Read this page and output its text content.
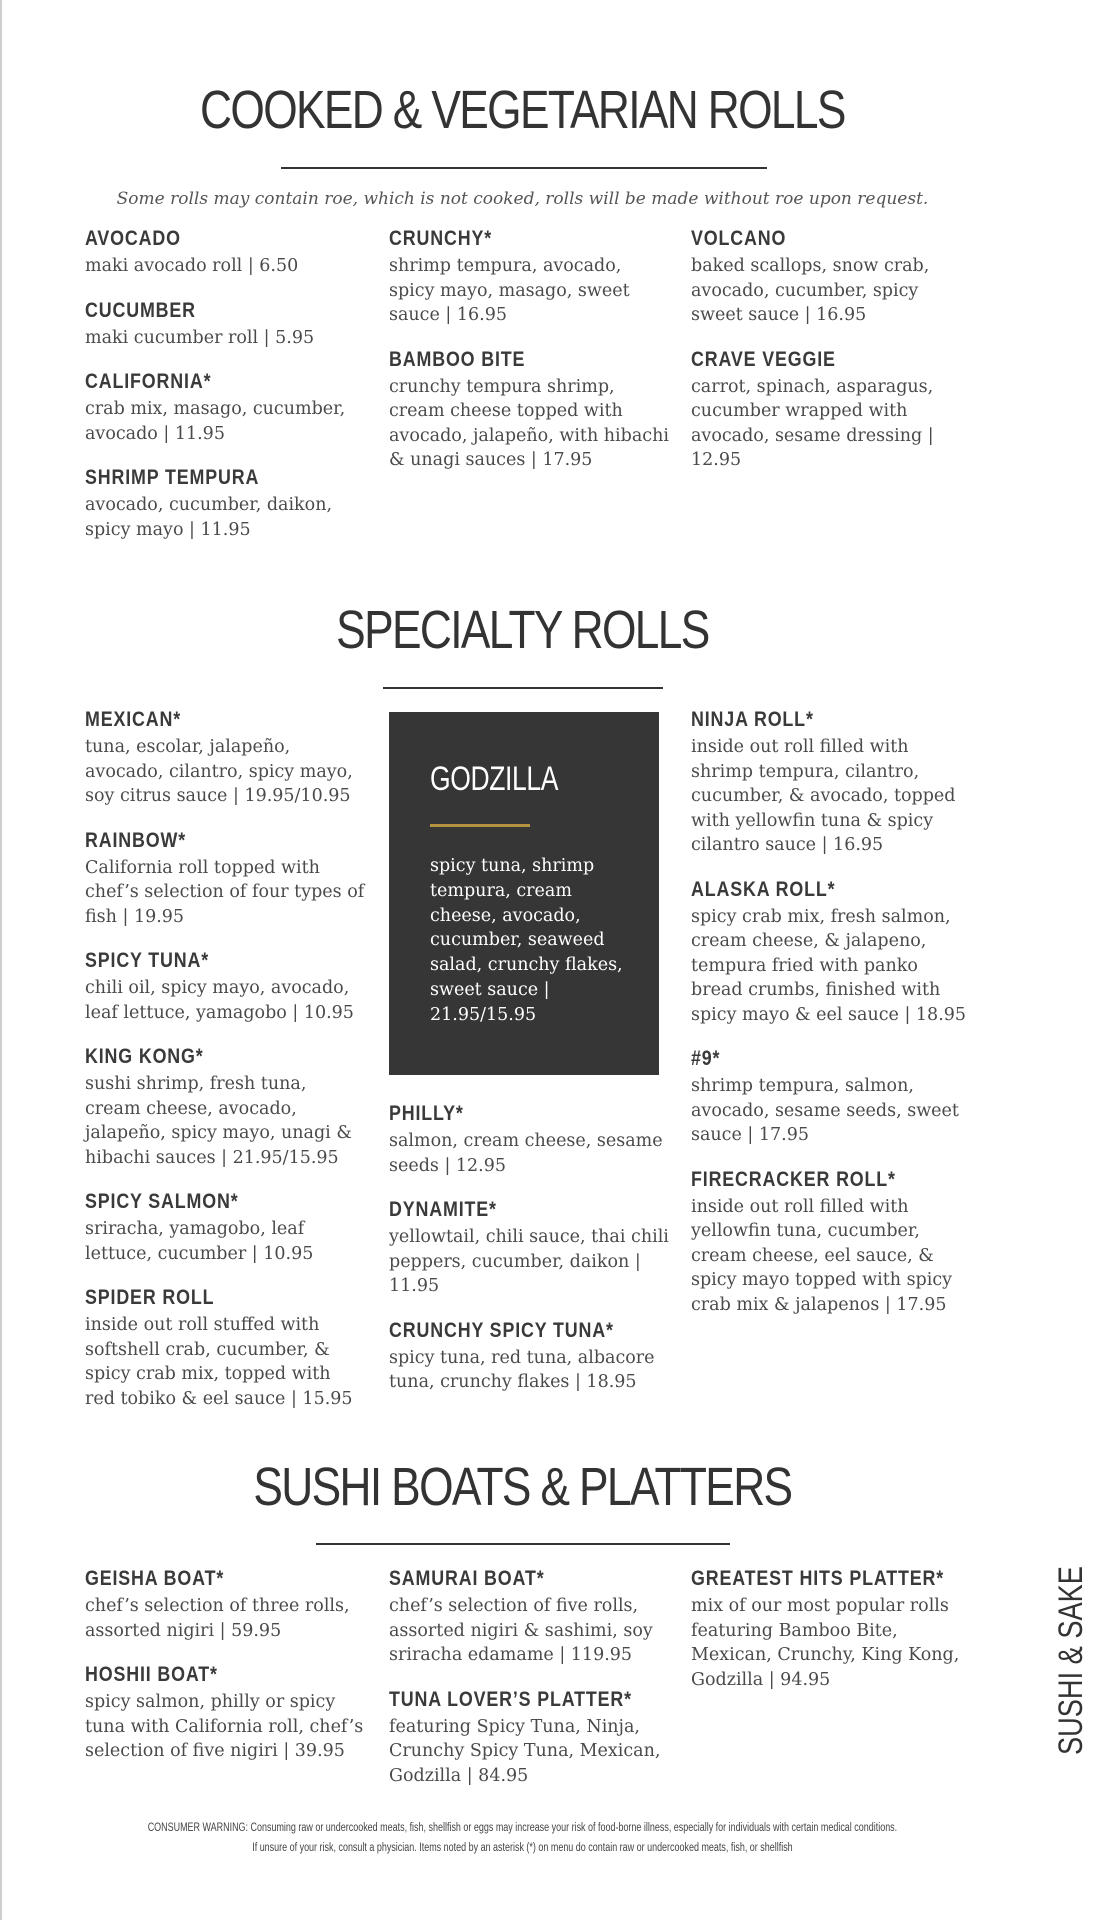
COOKED & VEGETARIAN ROLLS

Some rolls may contain roe, which is not cooked, rolls will be made without roe upon request.

AVOCADO

maki avocado roll | 6.50

CUCUMBER

maki cucumber roll | 5.95

CALIFORNIA*

crab mix, masago, cucumber, avocado | 11.95

SHRIMP TEMPURA

avocado, cucumber, daikon, spicy mayo | 11.95

CRUNCHY*

shrimp tempura, avocado, spicy mayo, masago, sweet sauce | 16.95

BAMBOO BITE

crunchy tempura shrimp, cream cheese topped with avocado, jalapeño, with hibachi & unagi sauces | 17.95

VOLCANO

baked scallops, snow crab, avocado, cucumber, spicy sweet sauce | 16.95

CRAVE VEGGIE

carrot, spinach, asparagus, cucumber wrapped with avocado, sesame dressing | 12.95

SPECIALTY ROLLS
MEXICAN*

tuna, escolar, jalapeño, avocado, cilantro, spicy mayo, soy citrus sauce | 19.95/10.95

RAINBOW*

California roll topped with chef’s selection of four types of fish | 19.95

SPICY TUNA*

chili oil, spicy mayo, avocado, leaf lettuce, yamagobo | 10.95

KING KONG*

sushi shrimp, fresh tuna, cream cheese, avocado, jalapeño, spicy mayo, unagi & hibachi sauces | 21.95/15.95

SPICY SALMON*

sriracha, yamagobo, leaf lettuce, cucumber | 10.95

SPIDER ROLL

inside out roll stuffed with softshell crab, cucumber, & spicy crab mix, topped with red tobiko & eel sauce | 15.95

GODZILLA

spicy tuna, shrimp tempura, cream cheese, avocado, cucumber, seaweed salad, crunchy flakes, sweet sauce | 21.95/15.95

PHILLY*

salmon, cream cheese, sesame seeds | 12.95

DYNAMITE*

yellowtail, chili sauce, thai chili peppers, cucumber, daikon | 11.95

CRUNCHY SPICY TUNA*

spicy tuna, red tuna, albacore tuna, crunchy flakes | 18.95

NINJA ROLL*

inside out roll filled with shrimp tempura, cilantro, cucumber, & avocado, topped with yellowfin tuna & spicy cilantro sauce | 16.95

ALASKA ROLL*

spicy crab mix, fresh salmon, cream cheese, & jalapeno, tempura fried with panko bread crumbs, finished with spicy mayo & eel sauce | 18.95

#9*

shrimp tempura, salmon, avocado, sesame seeds, sweet sauce | 17.95

FIRECRACKER ROLL*

inside out roll filled with yellowfin tuna, cucumber, cream cheese, eel sauce, & spicy mayo topped with spicy crab mix & jalapenos | 17.95

SUSHI BOATS & PLATTERS
GEISHA BOAT*

chef’s selection of three rolls, assorted nigiri | 59.95

HOSHII BOAT*

spicy salmon, philly or spicy tuna with California roll, chef’s selection of five nigiri | 39.95

SAMURAI BOAT*

chef’s selection of five rolls, assorted nigiri & sashimi, soy sriracha edamame | 119.95

TUNA LOVER’S PLATTER*

featuring Spicy Tuna, Ninja, Crunchy Spicy Tuna, Mexican, Godzilla | 84.95

GREATEST HITS PLATTER*

mix of our most popular rolls featuring Bamboo Bite, Mexican, Crunchy, King Kong, Godzilla | 94.95

CONSUMER WARNING: Consuming raw or undercooked meats, fish, shellfish or eggs may increase your risk of food-borne illness, especially for individuals with certain medical conditions.
If unsure of your risk, consult a physician. Items noted by an asterisk (*) on menu do contain raw or undercooked meats, fish, or shellfish
SUSHI & SAKE
